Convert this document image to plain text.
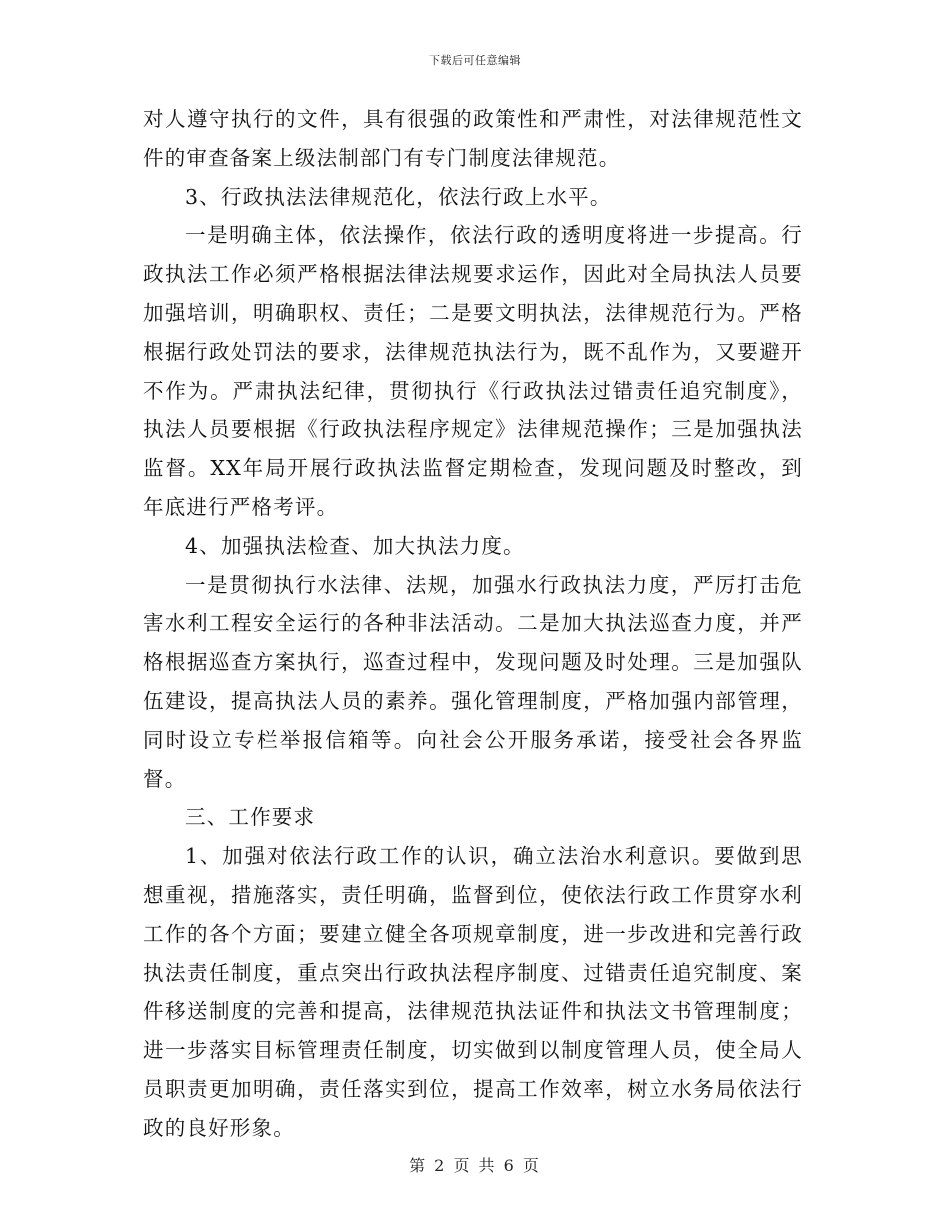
下载后可任意编辑

对人遵守执行的文件，具有很强的政策性和严肃性，对法律规范性文件的审查备案上级法制部门有专门制度法律规范。

3、行政执法法律规范化，依法行政上水平。

一是明确主体，依法操作，依法行政的透明度将进一步提高。行政执法工作必须严格根据法律法规要求运作，因此对全局执法人员要加强培训，明确职权、责任；二是要文明执法，法律规范行为。严格根据行政处罚法的要求，法律规范执法行为，既不乱作为，又要避开不作为。严肃执法纪律，贯彻执行《行政执法过错责任追究制度》，执法人员要根据《行政执法程序规定》法律规范操作；三是加强执法监督。XX年局开展行政执法监督定期检查，发现问题及时整改，到年底进行严格考评。

4、加强执法检查、加大执法力度。

一是贯彻执行水法律、法规，加强水行政执法力度，严厉打击危害水利工程安全运行的各种非法活动。二是加大执法巡查力度，并严格根据巡查方案执行，巡查过程中，发现问题及时处理。三是加强队伍建设，提高执法人员的素养。强化管理制度，严格加强内部管理，同时设立专栏举报信箱等。向社会公开服务承诺，接受社会各界监督。

三、工作要求

1、加强对依法行政工作的认识，确立法治水利意识。要做到思想重视，措施落实，责任明确，监督到位，使依法行政工作贯穿水利工作的各个方面；要建立健全各项规章制度，进一步改进和完善行政执法责任制度，重点突出行政执法程序制度、过错责任追究制度、案件移送制度的完善和提高，法律规范执法证件和执法文书管理制度；进一步落实目标管理责任制度，切实做到以制度管理人员，使全局人员职责更加明确，责任落实到位，提高工作效率，树立水务局依法行政的良好形象。

第 2 页 共 6 页
